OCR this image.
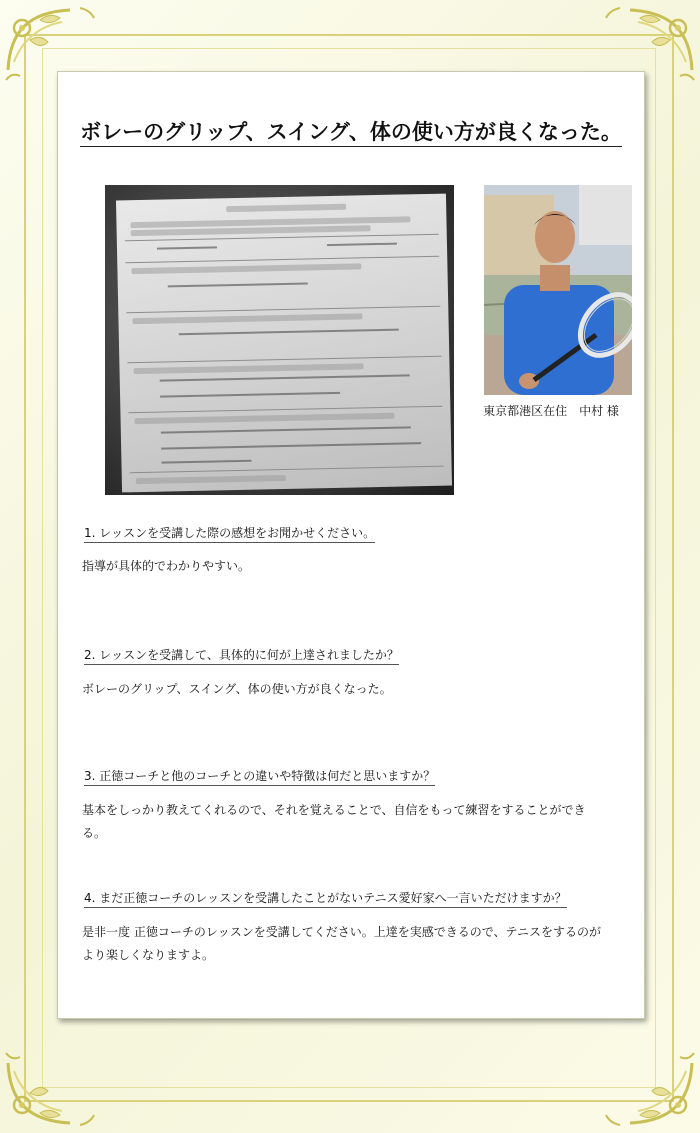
ボレーのグリップ、スイング、体の使い方が良くなった。
東京都港区在住　中村 様
1. レッスンを受講した際の感想をお聞かせください。
指導が具体的でわかりやすい。
2. レッスンを受講して、具体的に何が上達されましたか？
ボレーのグリップ、スイング、体の使い方が良くなった。
3. 正徳コーチと他のコーチとの違いや特徴は何だと思いますか？
基本をしっかり教えてくれるので、それを覚えることで、自信をもって練習をすることができる。
4. まだ正徳コーチのレッスンを受講したことがないテニス愛好家へ一言いただけますか？
是非一度 正徳コーチのレッスンを受講してください。上達を実感できるので、テニスをするのがより楽しくなりますよ。
